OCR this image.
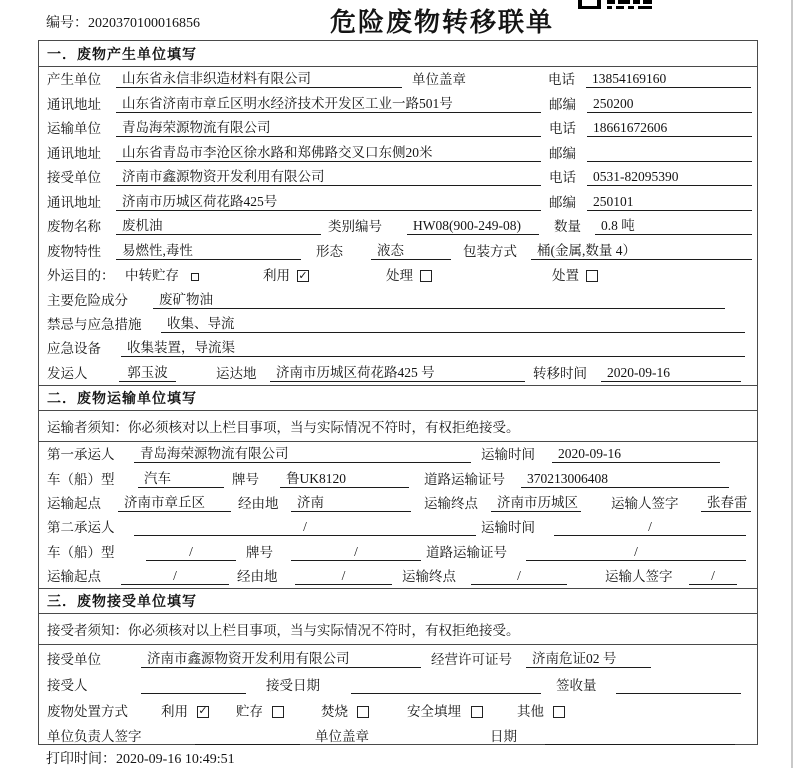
编号：2020370100016856	危险废物转移联单
一．废物产生单位填写
产生单位	山东省永信非织造材料有限公司	单位盖章	电话	13854169160
通讯地址	山东省济南市章丘区明水经济技术开发区工业一路501号	邮编	250200
运输单位	青岛海荣源物流有限公司	电话	18661672606
通讯地址	山东省青岛市李沧区徐水路和郑佛路交叉口东侧20米	邮编
接受单位	济南市鑫源物资开发利用有限公司	电话	0531-82095390
通讯地址	济南市历城区荷花路425号	邮编	250101
废物名称	废机油	类别编号	HW08(900-249-08)	数量	0.8 吨
废物特性	易燃性,毒性	形态	液态	包装方式	桶(金属,数量 4）
外运目的： 中转贮存	利用 ✓	处理	处置
主要危险成分	废矿物油
禁忌与应急措施	收集、导流
应急设备	收集装置，导流渠
发运人	郭玉波	运达地	济南市历城区荷花路425 号	转移时间	2020-09-16
二．废物运输单位填写
运输者须知：你必须核对以上栏目事项，当与实际情况不符时，有权拒绝接受。
第一承运人	青岛海荣源物流有限公司	运输时间	2020-09-16
车（船）型	汽车	牌号	鲁UK8120	道路运输证号	370213006408
运输起点	济南市章丘区	经由地	济南	运输终点	济南市历城区 运输人签字	张春雷
第二承运人	/	运输时间	/
车（船）型	/	牌号	/	道路运输证号	/
运输起点	/	经由地	/	运输终点	/	运输人签字	/
三．废物接受单位填写
接受者须知：你必须核对以上栏目事项，当与实际情况不符时，有权拒绝接受。
接受单位	济南市鑫源物资开发利用有限公司	经营许可证号	济南危证02 号
接受人	接受日期	签收量
废物处置方式 利用 ✓ 贮存	焚烧	安全填埋	其他
单位负责人签字	单位盖章	日期
打印时间：2020-09-16 10:49:51
